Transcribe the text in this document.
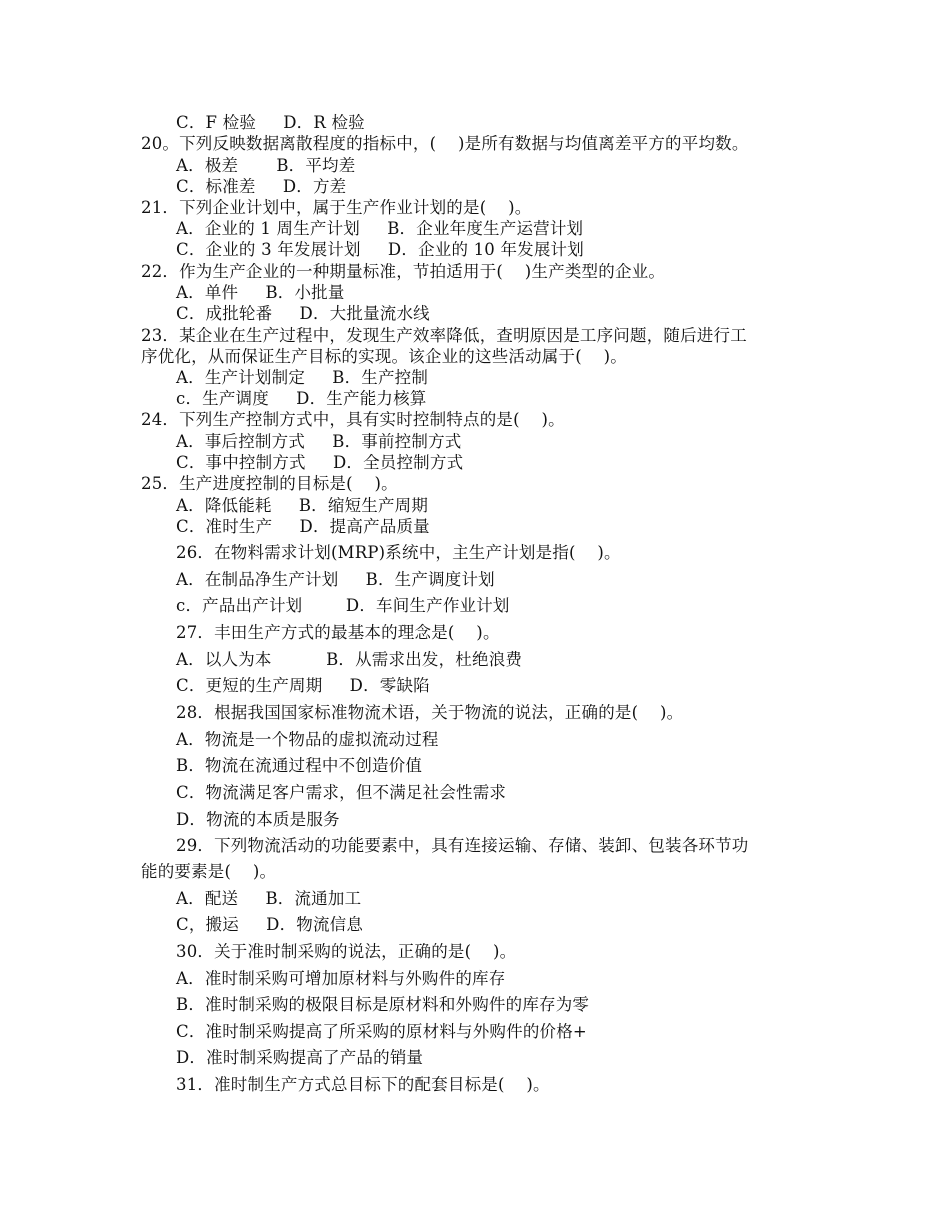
C．F 检验     D．R 检验
20。下列反映数据离散程度的指标中，(    )是所有数据与均值离差平方的平均数。
A．极差       B．平均差
C．标准差     D．方差
21．下列企业计划中，属于生产作业计划的是(    )。
A．企业的 1 周生产计划     B．企业年度生产运营计划
C．企业的 3 年发展计划     D．企业的 10 年发展计划
22．作为生产企业的一种期量标准，节拍适用于(    )生产类型的企业。
A．单件     B．小批量
C．成批轮番     D．大批量流水线
23．某企业在生产过程中，发现生产效率降低，查明原因是工序问题，随后进行工
序优化，从而保证生产目标的实现。该企业的这些活动属于(    )。
A．生产计划制定     B．生产控制
c．生产调度     D．生产能力核算
24．下列生产控制方式中，具有实时控制特点的是(    )。
A．事后控制方式     B．事前控制方式
C．事中控制方式     D．全员控制方式
25．生产进度控制的目标是(    )。
A．降低能耗     B．缩短生产周期
C．准时生产     D．提高产品质量
26．在物料需求计划(MRP)系统中，主生产计划是指(    )。
A．在制品净生产计划     B．生产调度计划
c．产品出产计划        D．车间生产作业计划
27．丰田生产方式的最基本的理念是(    )。
A．以人为本          B．从需求出发，杜绝浪费
C．更短的生产周期     D．零缺陷
28．根据我国国家标准物流术语，关于物流的说法，正确的是(    )。
A．物流是一个物品的虚拟流动过程
B．物流在流通过程中不创造价值
C．物流满足客户需求，但不满足社会性需求
D．物流的本质是服务
29．下列物流活动的功能要素中，具有连接运输、存储、装卸、包装各环节功
能的要素是(    )。
A．配送     B．流通加工
C，搬运     D．物流信息
30．关于准时制采购的说法，正确的是(    )。
A．准时制采购可增加原材料与外购件的库存
B．准时制采购的极限目标是原材料和外购件的库存为零
C．准时制采购提高了所采购的原材料与外购件的价格+
D．准时制采购提高了产品的销量
31．准时制生产方式总目标下的配套目标是(    )。
